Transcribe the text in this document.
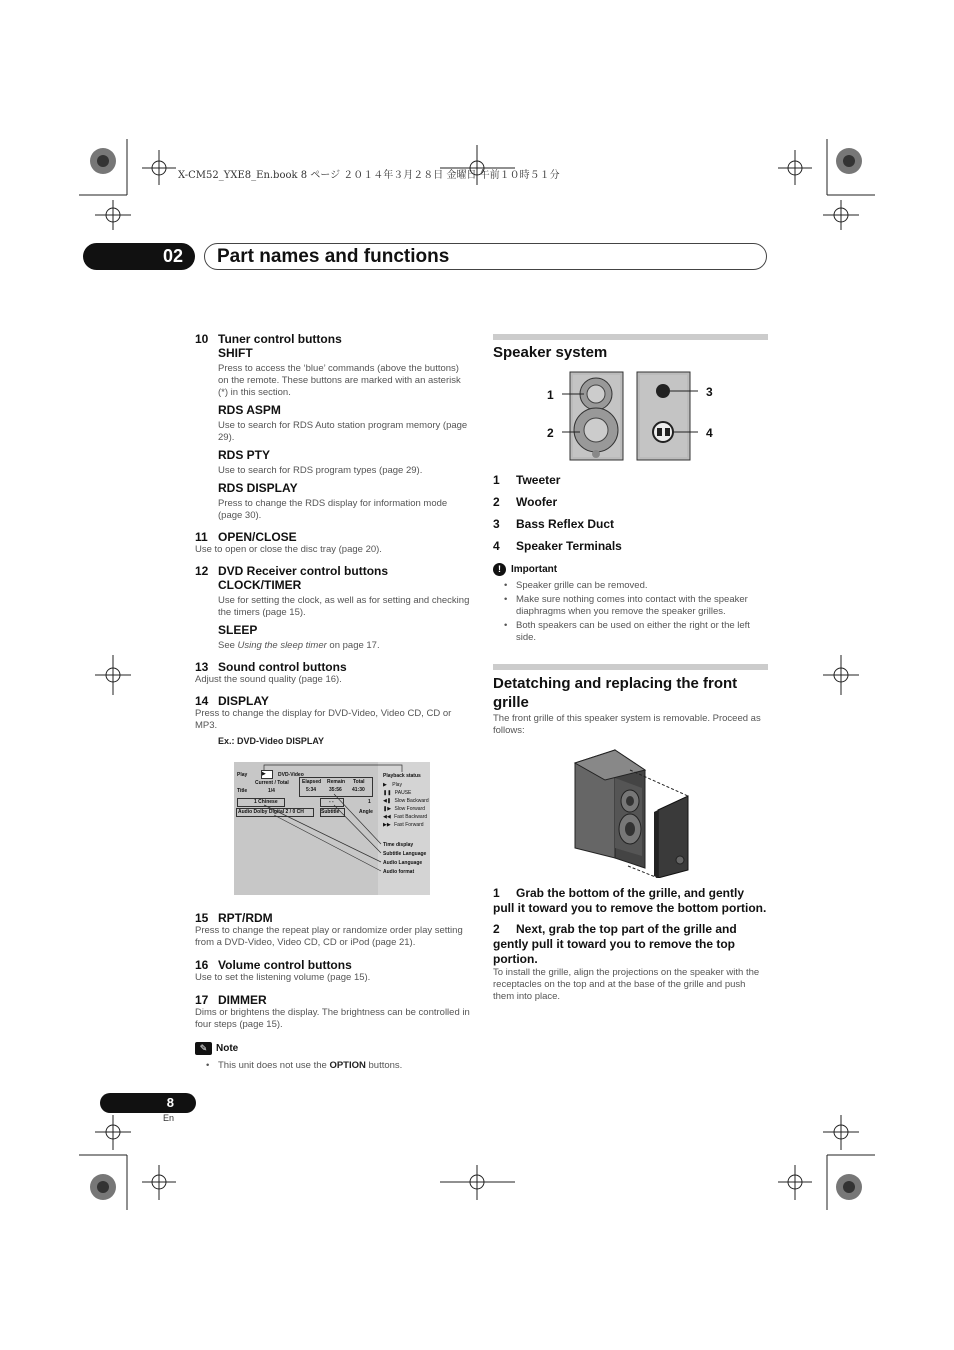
X-CM52_YXE8_En.book 8 ページ ２０１４年３月２８日 金曜日 午前１０時５１分
02	Part names and functions

10 Tuner control buttons

SHIFT

Press to access the ‘blue’ commands (above the buttons) on the remote. These buttons are marked with an asterisk (*) in this section.

RDS ASPM

Use to search for RDS Auto station program memory (page 29).

RDS PTY

Use to search for RDS program types (page 29).

RDS DISPLAY

Press to change the RDS display for information mode (page 30).

11 OPEN/CLOSE

Use to open or close the disc tray (page 20).

12 DVD Receiver control buttons

CLOCK/TIMER

Use for setting the clock, as well as for setting and checking the timers (page 15).

SLEEP

See Using the sleep timer on page 17.

13 Sound control buttons

Adjust the sound quality (page 16).

14 DISPLAY

Press to change the display for DVD-Video, Video CD, CD or MP3.

Ex.: DVD-Video DISPLAY

Play	▶	DVD-Video
Current / Total
Title	1/4
Elapsed Remain Total
5:34	35:56 41:30
1 Chinese	- -	1
Audio Dolby Digital 2 / 0 CH	Subtitle	Angle
Playback status
▶ Play
❚❚ PAUSE
◀❚ Slow Backward
❚▶ Slow Forward
◀◀ Fast Backward
▶▶ Fast Forward
Time display
Subtitle Language
Audio Language
Audio format

15 RPT/RDM

Press to change the repeat play or randomize order play setting from a DVD-Video, Video CD, CD or iPod (page 21).

16 Volume control buttons

Use to set the listening volume (page 15).

17 DIMMER

Dims or brightens the display. The brightness can be controlled in four steps (page 15).

✎ Note
• This unit does not use the OPTION buttons.
Speaker system
1
2
3
4

1 Tweeter

2 Woofer

3 Bass Reflex Duct

4 Speaker Terminals

!	Important
• Speaker grille can be removed.
• Make sure nothing comes into contact with the speaker diaphragms when you remove the speaker grilles.
• Both speakers can be used on either the right or the left side.
Detatching and replacing the front grille

The front grille of this speaker system is removable. Proceed as follows:

1 Grab the bottom of the grille, and gently pull it toward you to remove the bottom portion.

2 Next, grab the top part of the grille and gently pull it toward you to remove the top portion.

To install the grille, align the projections on the speaker with the receptacles on the top and at the base of the grille and push them into place.

8
En
